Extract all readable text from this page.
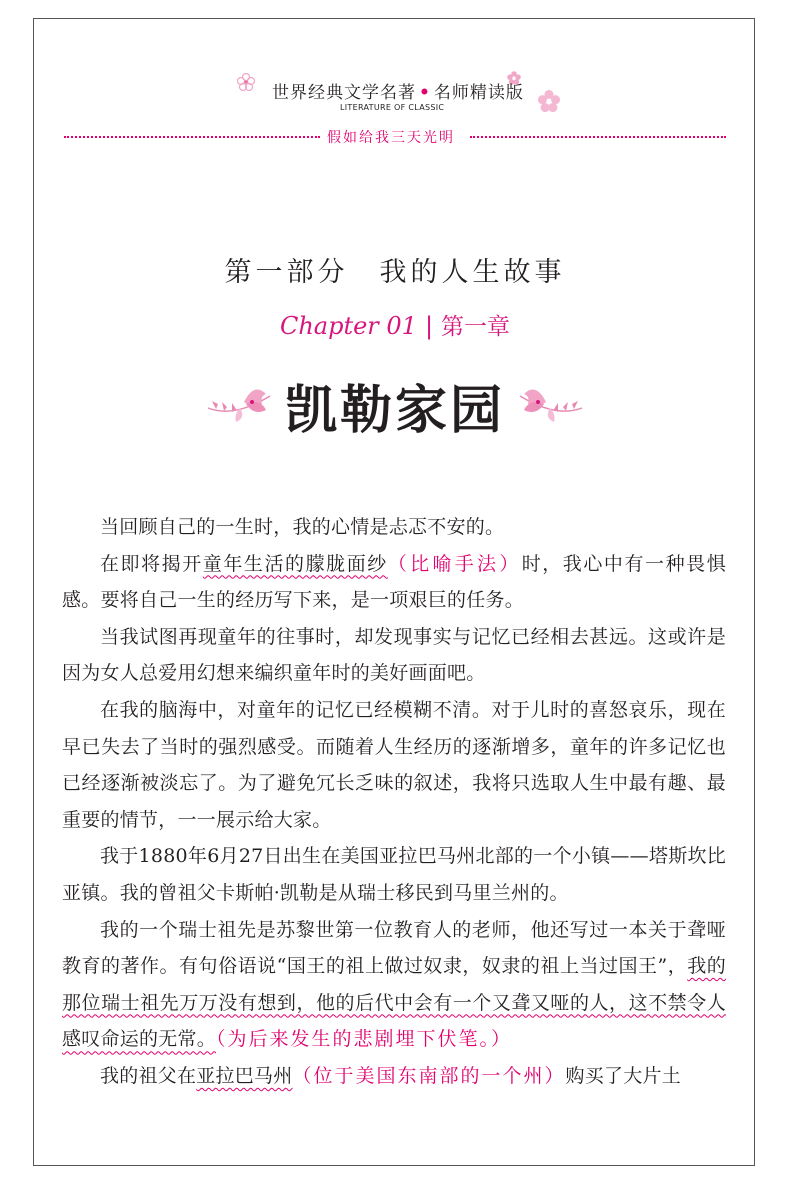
世界经典文学名著 • 名师精读版
LITERATURE OF CLASSIC
假如给我三天光明
第一部分　我的人生故事
Chapter 01 | 第一章
凯勒家园

当回顾自己的一生时，我的心情是忐忑不安的。

在即将揭开童年生活的朦胧面纱（比喻手法）时，我心中有一种畏惧感。要将自己一生的经历写下来，是一项艰巨的任务。

当我试图再现童年的往事时，却发现事实与记忆已经相去甚远。这或许是因为女人总爱用幻想来编织童年时的美好画面吧。

在我的脑海中，对童年的记忆已经模糊不清。对于儿时的喜怒哀乐，现在早已失去了当时的强烈感受。而随着人生经历的逐渐增多，童年的许多记忆也已经逐渐被淡忘了。为了避免冗长乏味的叙述，我将只选取人生中最有趣、最重要的情节，一一展示给大家。

我于1880年6月27日出生在美国亚拉巴马州北部的一个小镇——塔斯坎比亚镇。我的曾祖父卡斯帕·凯勒是从瑞士移民到马里兰州的。

我的一个瑞士祖先是苏黎世第一位教育人的老师，他还写过一本关于聋哑教育的著作。有句俗语说“国王的祖上做过奴隶，奴隶的祖上当过国王”，我的那位瑞士祖先万万没有想到，他的后代中会有一个又聋又哑的人，这不禁令人感叹命运的无常。（为后来发生的悲剧埋下伏笔。）

我的祖父在亚拉巴马州（位于美国东南部的一个州）购买了大片土
